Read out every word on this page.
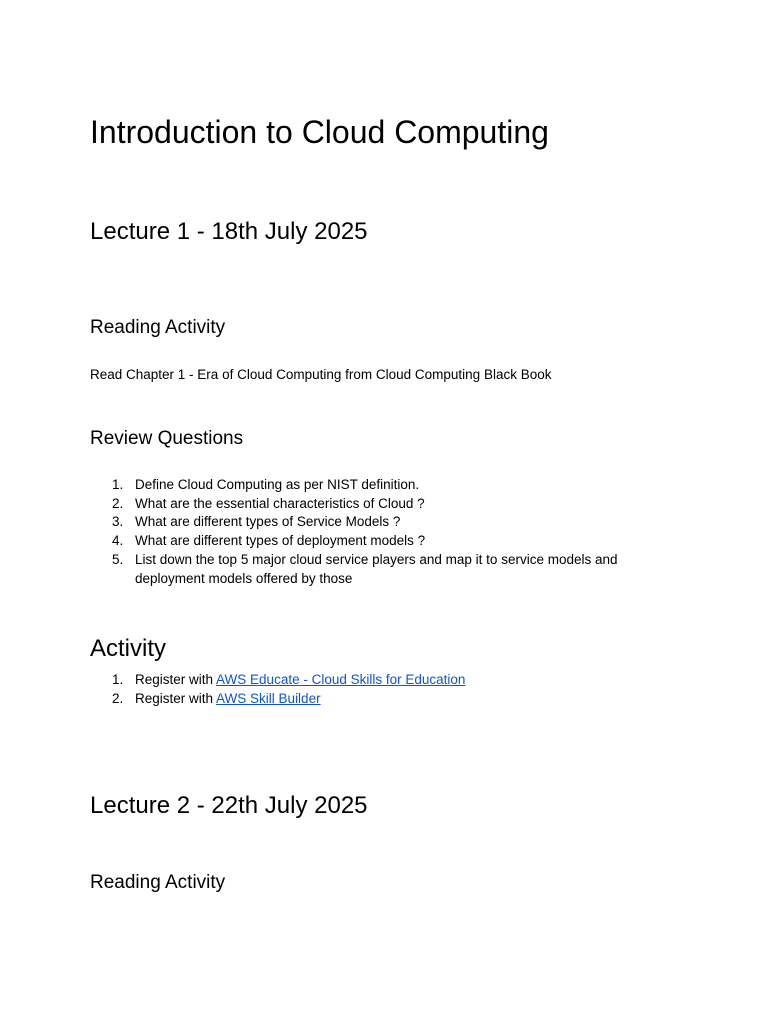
Introduction to Cloud Computing
Lecture 1 - 18th July 2025
Reading Activity

Read Chapter 1 - Era of Cloud Computing from Cloud Computing Black Book

Review Questions
1. Define Cloud Computing as per NIST definition.
2. What are the essential characteristics of Cloud ?
3. What are different types of Service Models ?
4. What are different types of deployment models ?
5. List down the top 5 major cloud service players and map it to service models and deployment models offered by those
Activity
1. Register with AWS Educate - Cloud Skills for Education
2. Register with AWS Skill Builder
Lecture 2 - 22th July 2025
Reading Activity
